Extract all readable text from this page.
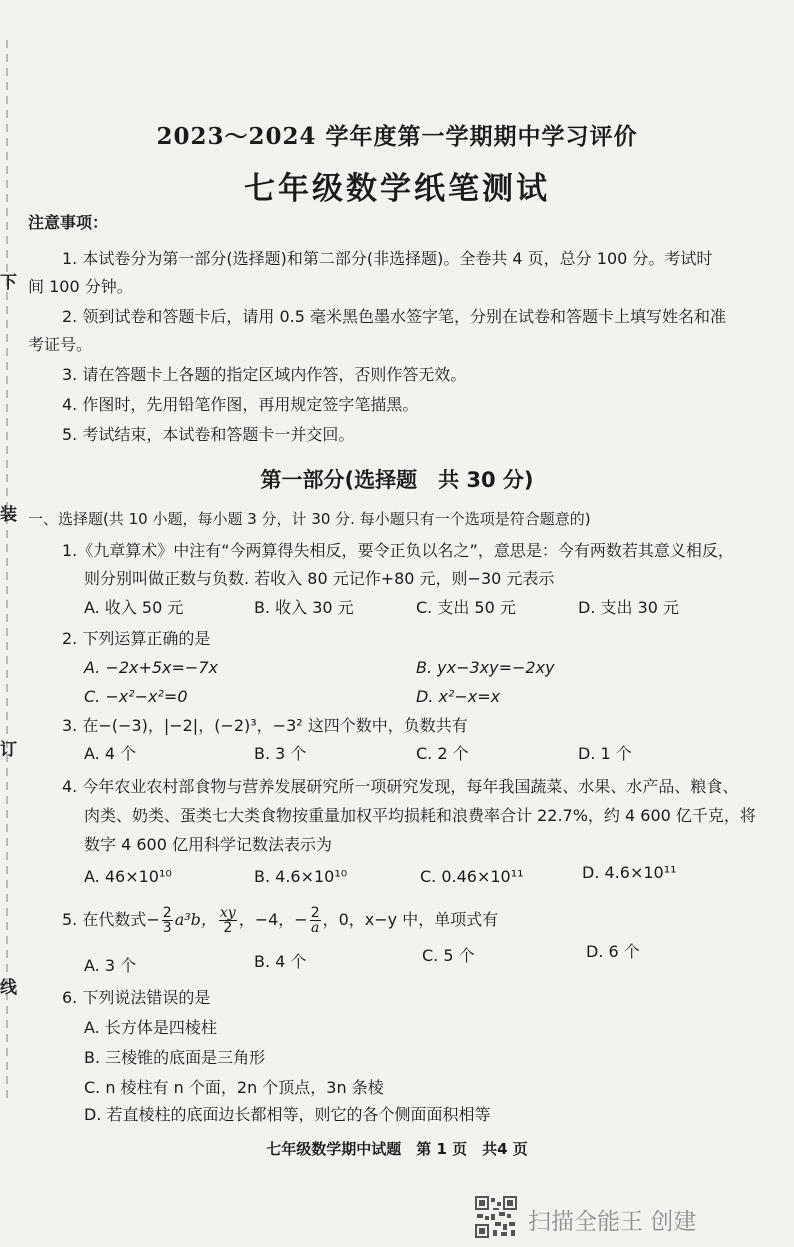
下
装
订
线
2023～2024 学年度第一学期期中学习评价
七年级数学纸笔测试
注意事项：
1. 本试卷分为第一部分(选择题)和第二部分(非选择题)。全卷共 4 页，总分 100 分。考试时
间 100 分钟。
2. 领到试卷和答题卡后，请用 0.5 毫米黑色墨水签字笔，分别在试卷和答题卡上填写姓名和准
考证号。
3. 请在答题卡上各题的指定区域内作答，否则作答无效。
4. 作图时，先用铅笔作图，再用规定签字笔描黑。
5. 考试结束，本试卷和答题卡一并交回。
第一部分(选择题　共 30 分)
一、选择题(共 10 小题，每小题 3 分，计 30 分. 每小题只有一个选项是符合题意的)
1.《九章算术》中注有“今两算得失相反，要令正负以名之”，意思是：今有两数若其意义相反，
则分别叫做正数与负数. 若收入 80 元记作+80 元，则−30 元表示
A. 收入 50 元	B. 收入 30 元	C. 支出 50 元	D. 支出 30 元
2. 下列运算正确的是
A. −2x+5x=−7x	B. yx−3xy=−2xy
C. −x²−x²=0	D. x²−x=x
3. 在−(−3)，|−2|，(−2)³，−3² 这四个数中，负数共有
A. 4 个	B. 3 个	C. 2 个	D. 1 个
4. 今年农业农村部食物与营养发展研究所一项研究发现，每年我国蔬菜、水果、水产品、粮食、
肉类、奶类、蛋类七大类食物按重量加权平均损耗和浪费率合计 22.7%，约 4 600 亿千克，将
数字 4 600 亿用科学记数法表示为
A. 46×10¹⁰	B. 4.6×10¹⁰	C. 0.46×10¹¹	D. 4.6×10¹¹
5. 在代数式− $\frac{2}{3} a^3b$， $\frac{xy}{2}$ ，−4，− $\frac{2}{a}$ ，0，x−y 中，单项式有
A. 3 个	B. 4 个	C. 5 个	D. 6 个
6. 下列说法错误的是
A. 长方体是四棱柱
B. 三棱锥的底面是三角形
C. n 棱柱有 n 个面，2n 个顶点，3n 条棱
D. 若直棱柱的底面边长都相等，则它的各个侧面面积相等
七年级数学期中试题　第 1 页　共4 页
扫描全能王 创建
